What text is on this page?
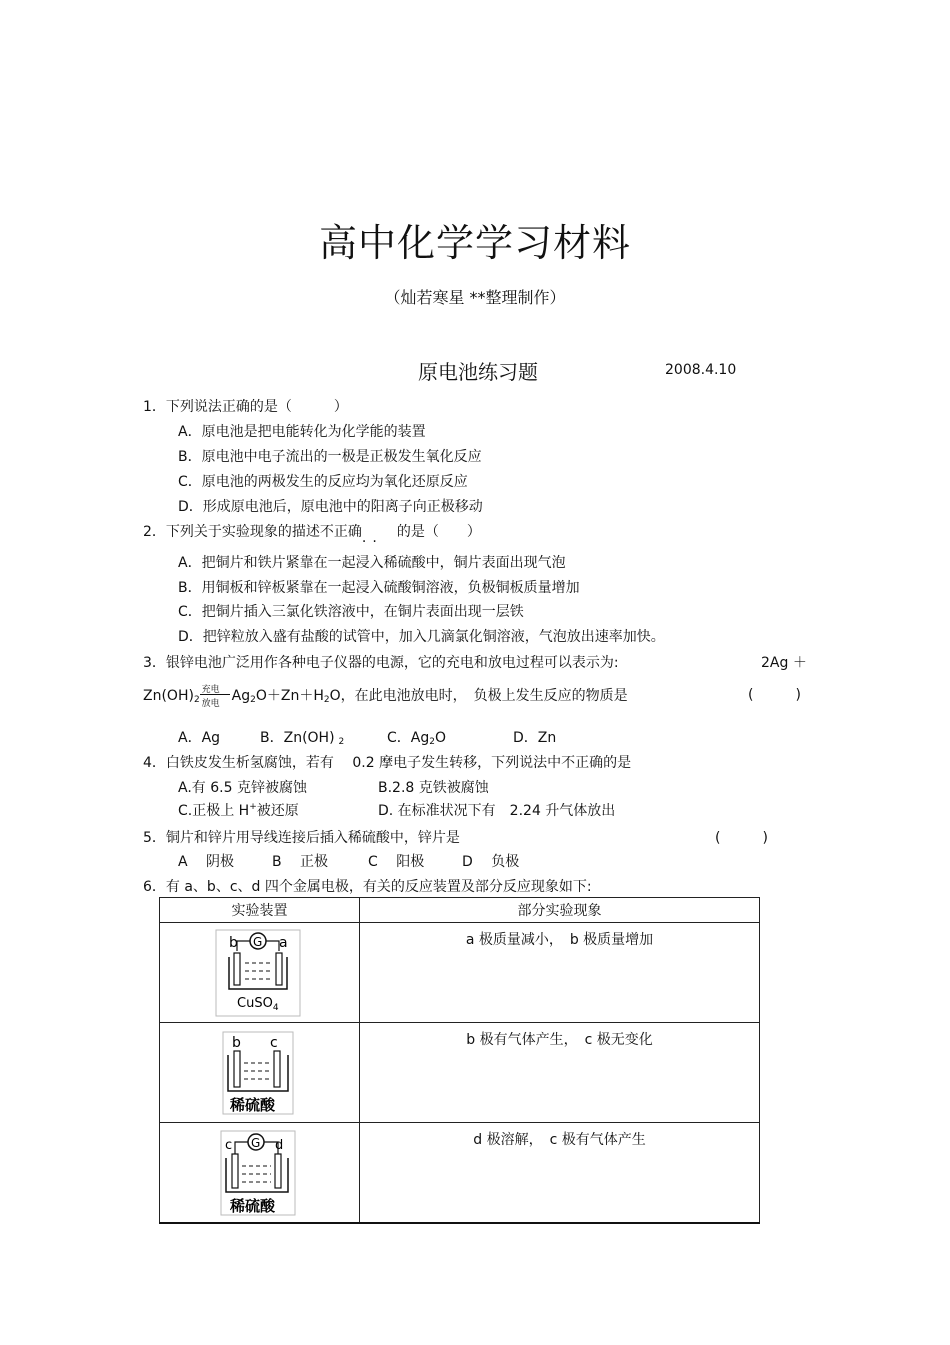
高中化学学习材料
（灿若寒星 **整理制作）
原电池练习题	2008.4.10
1．下列说法正确的是（　　　）
A．原电池是把电能转化为化学能的装置
B．原电池中电子流出的一极是正极发生氧化反应
C．原电池的两极发生的反应均为氧化还原反应
D．形成原电池后，原电池中的阳离子向正极移动
2．下列关于实验现象的描述不正确..　 的是（　　）
A．把铜片和铁片紧靠在一起浸入稀硫酸中，铜片表面出现气泡
B．用铜板和锌板紧靠在一起浸入硫酸铜溶液，负极铜板质量增加
C．把铜片插入三氯化铁溶液中，在铜片表面出现一层铁
D．把锌粒放入盛有盐酸的试管中，加入几滴氯化铜溶液，气泡放出速率加快。
3．银锌电池广泛用作各种电子仪器的电源，它的充电和放电过程可以表示为:	2Ag ＋
$Zn(OH)_2$
充电
放电 $Ag_2O+Zn+H_2O$，在此电池放电时，　负极上发生反应的物质是	(　　　)
A．Ag	B．Zn(OH) $_2$	C．$Ag_2O$	D．Zn
4．白铁皮发生析氢腐蚀，若有　 0.2 摩电子发生转移，下列说法中不正确的是
A.有 6.5 克锌被腐蚀	B.2.8 克铁被腐蚀
C.正极上 H+被还原	D. 在标准状况下有　2.24 升气体放出
5．铜片和锌片用导线连接后插入稀硫酸中，锌片是	(　　　)
A　 阴极	B　 正极	C　 阳极	D　 负极
6．有 a、b、c、d 四个金属电极，有关的反应装置及部分反应现象如下:
实验装置	部分实验现象

b G a
CuSO$_4$	a 极质量减小，　b 极质量增加

b c
稀硫酸	b 极有气体产生，　c 极无变化

c G d
稀硫酸	d 极溶解，　c 极有气体产生
